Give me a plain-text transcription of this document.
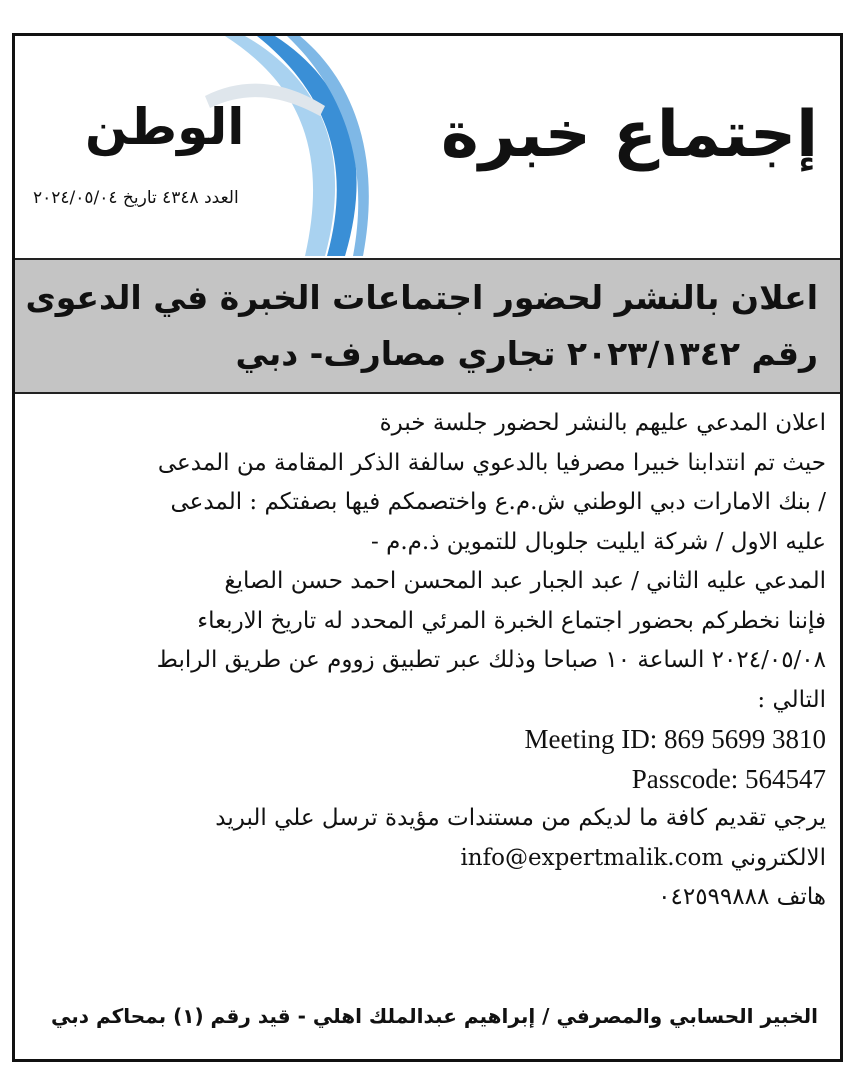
إجتماع خبرة
الوطن
العدد ٤٣٤٨ تاريخ ٢٠٢٤/٠٥/٠٤
اعلان بالنشر لحضور اجتماعات الخبرة في الدعوى
رقم ٢٠٢٣/١٣٤٢ تجاري مصارف- دبي
اعلان المدعي عليهم بالنشر لحضور جلسة خبرة
حيث تم انتدابنا خبيرا مصرفيا بالدعوي سالفة الذكر المقامة من المدعى
/ بنك الامارات دبي الوطني ش.م.ع واختصمكم فيها بصفتكم : المدعى
عليه الاول / شركة ايليت جلوبال للتموين ذ.م.م -
المدعي عليه الثاني / عبد الجبار عبد المحسن احمد حسن الصايغ
فإننا نخطركم بحضور اجتماع الخبرة المرئي المحدد له تاريخ الاربعاء
٢٠٢٤/٠٥/٠٨ الساعة ١٠ صباحا وذلك عبر تطبيق زووم عن طريق الرابط
التالي :
Meeting ID: 869 5699 3810
Passcode: 564547
يرجي تقديم كافة ما لديكم من مستندات مؤيدة ترسل علي البريد
الالكتروني info@expertmalik.com
هاتف ٠٤٢٥٩٩٨٨٨
الخبير الحسابي والمصرفي / إبراهيم عبدالملك اهلي - قيد رقم (١) بمحاكم دبي
